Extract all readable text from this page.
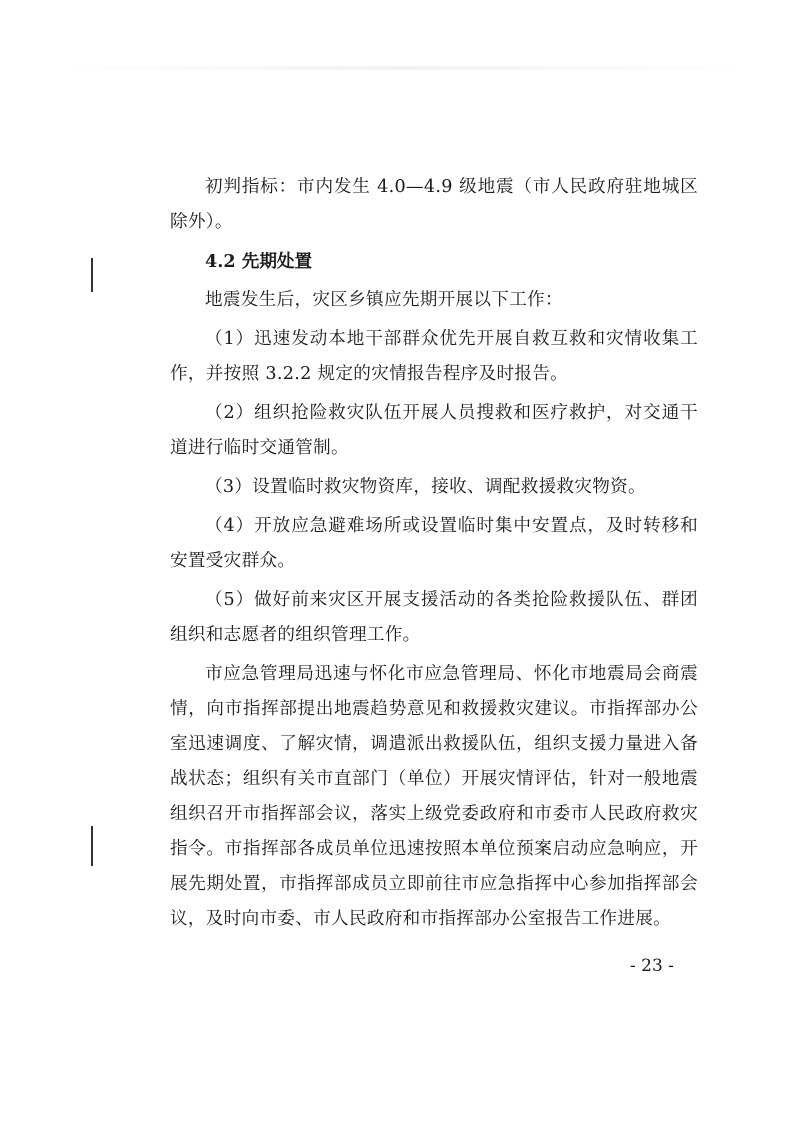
初判指标：市内发生 4.0—4.9 级地震（市人民政府驻地城区除外）。

4.2 先期处置

地震发生后，灾区乡镇应先期开展以下工作：

（1）迅速发动本地干部群众优先开展自救互救和灾情收集工作，并按照 3.2.2 规定的灾情报告程序及时报告。

（2）组织抢险救灾队伍开展人员搜救和医疗救护，对交通干道进行临时交通管制。

（3）设置临时救灾物资库，接收、调配救援救灾物资。

（4）开放应急避难场所或设置临时集中安置点，及时转移和安置受灾群众。

（5）做好前来灾区开展支援活动的各类抢险救援队伍、群团组织和志愿者的组织管理工作。

市应急管理局迅速与怀化市应急管理局、怀化市地震局会商震情，向市指挥部提出地震趋势意见和救援救灾建议。市指挥部办公室迅速调度、了解灾情，调遣派出救援队伍，组织支援力量进入备战状态；组织有关市直部门（单位）开展灾情评估，针对一般地震组织召开市指挥部会议，落实上级党委政府和市委市人民政府救灾指令。市指挥部各成员单位迅速按照本单位预案启动应急响应，开展先期处置，市指挥部成员立即前往市应急指挥中心参加指挥部会议，及时向市委、市人民政府和市指挥部办公室报告工作进展。

- 23 -
